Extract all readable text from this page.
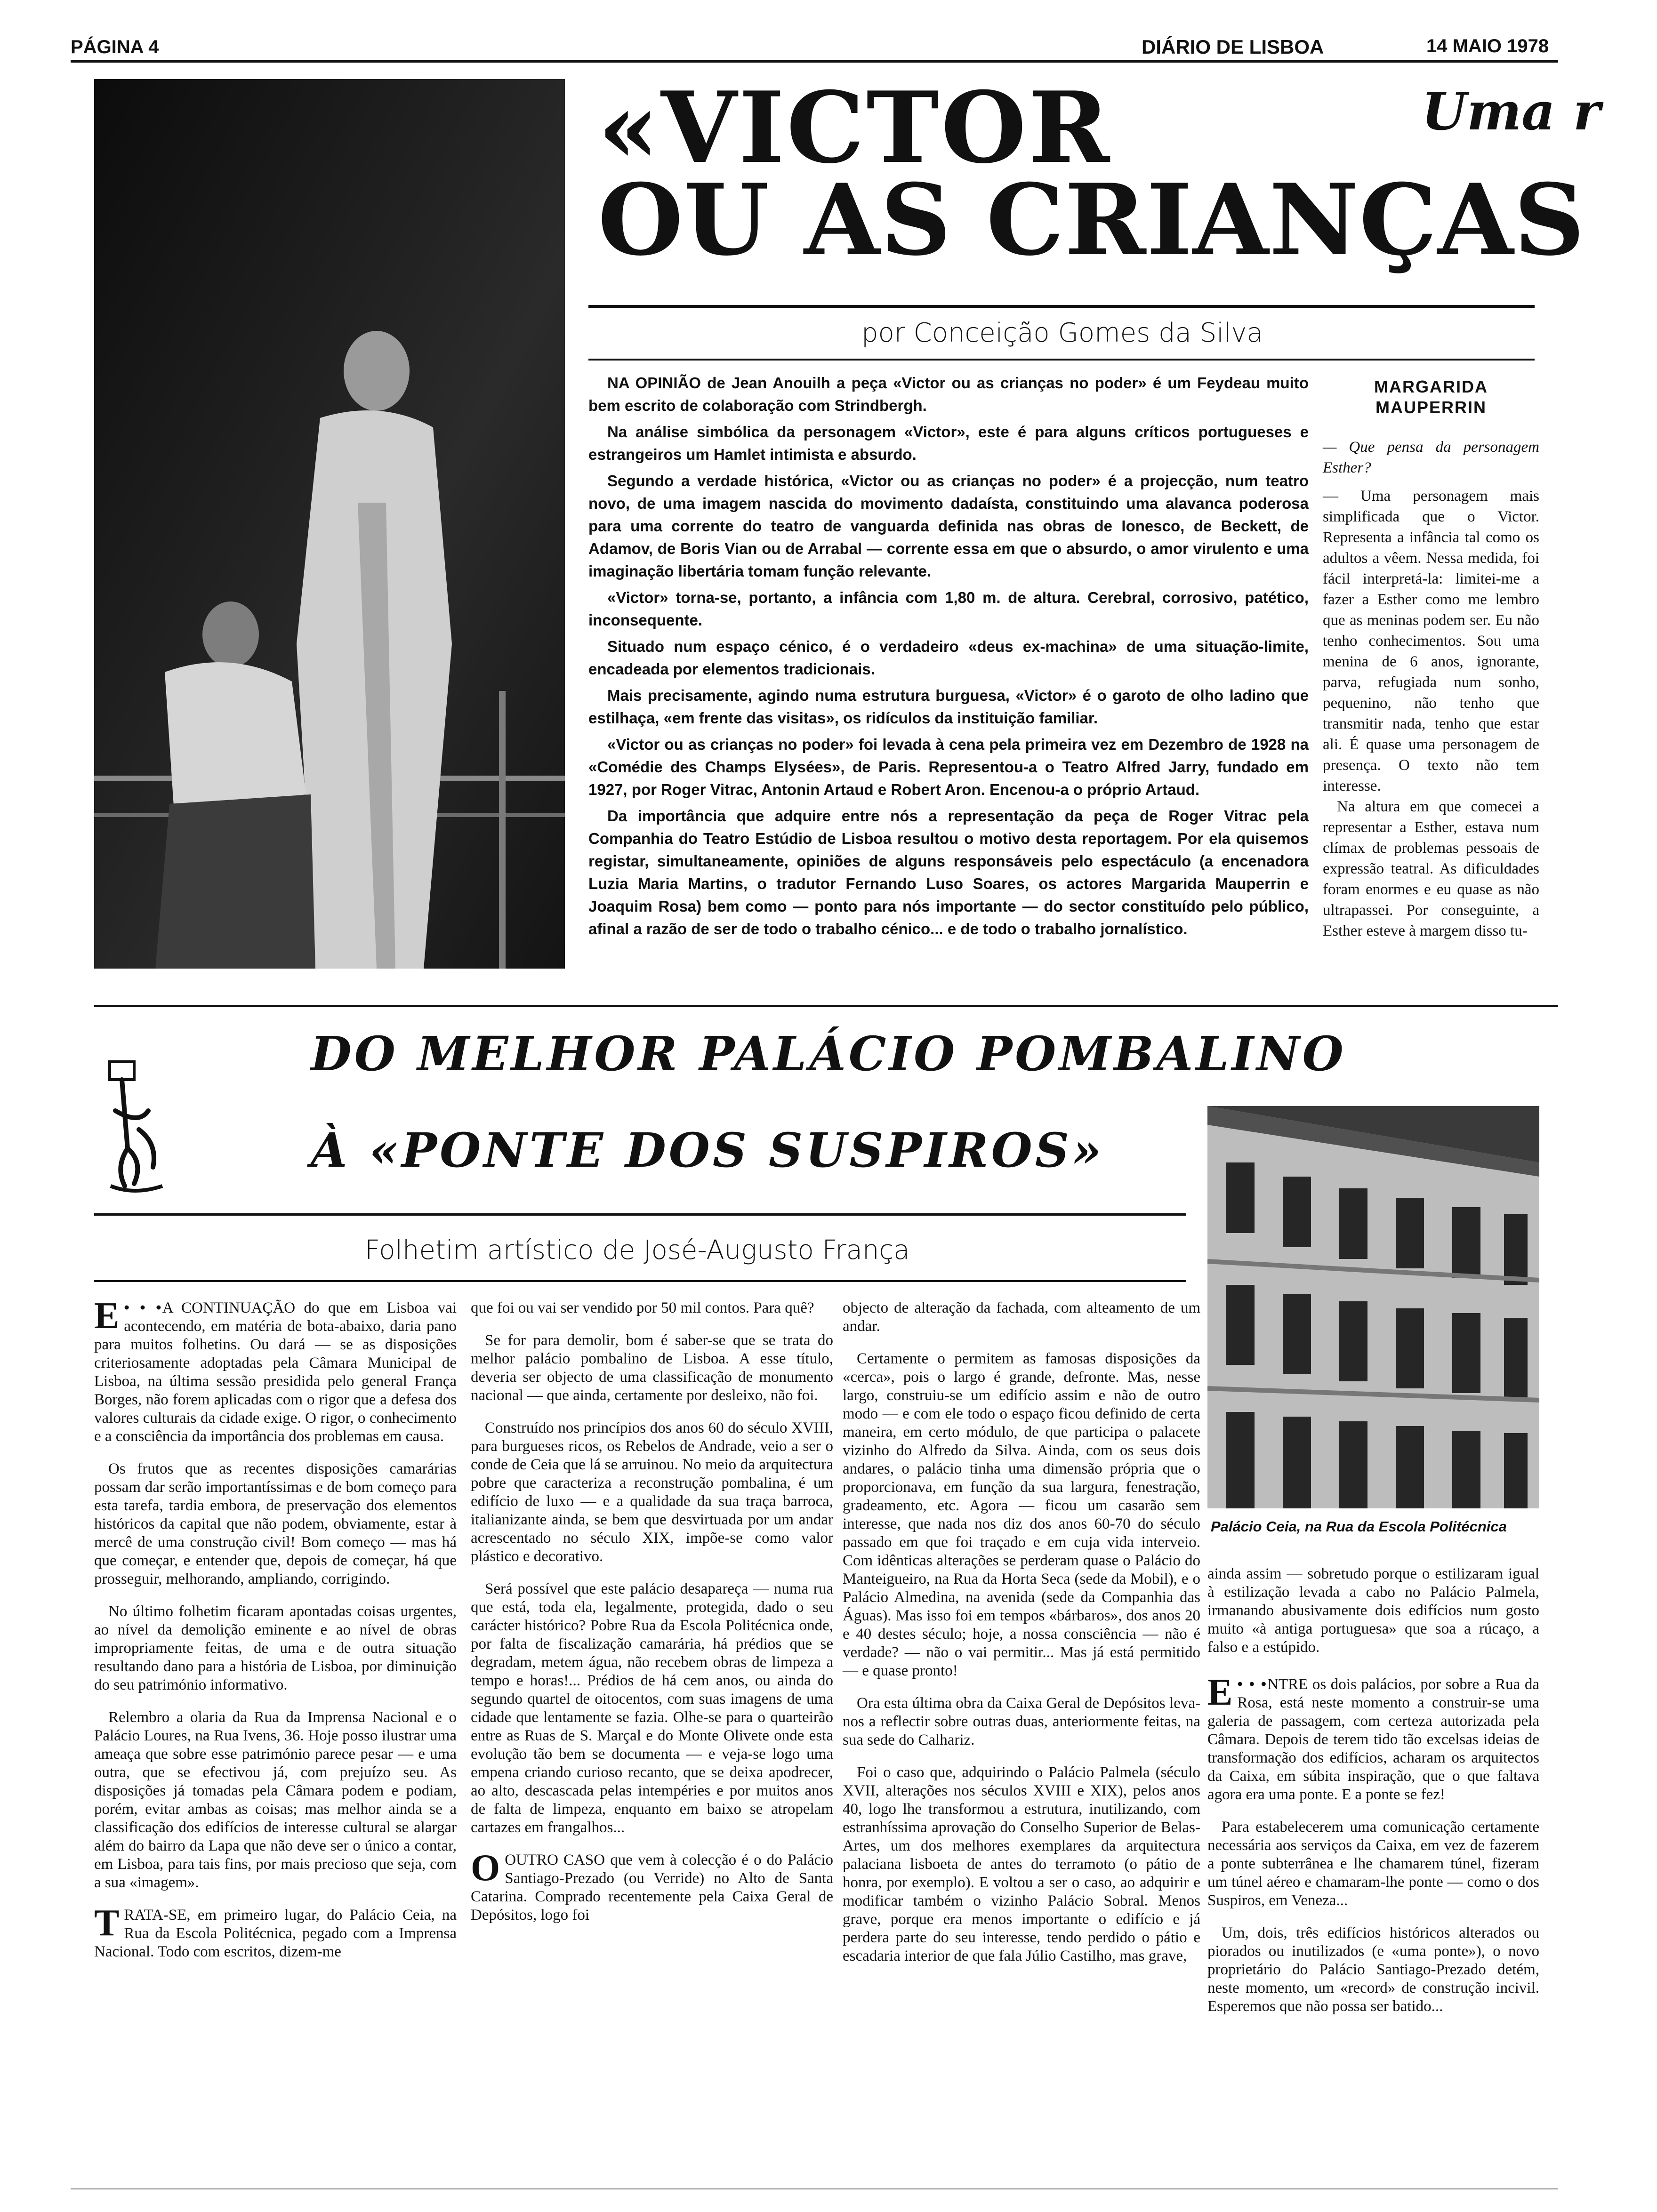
PÁGINA 4	DIÁRIO DE LISBOA	14 MAIO 1978
«VICTOR
OU AS CRIANÇAS
Uma r
por Conceição Gomes da Silva

NA OPINIÃO de Jean Anouilh a peça «Victor ou as crianças no poder» é um Feydeau muito bem escrito de colaboração com Strindbergh.

Na análise simbólica da personagem «Victor», este é para alguns críticos portugueses e estrangeiros um Hamlet intimista e absurdo.

Segundo a verdade histórica, «Victor ou as crianças no poder» é a projecção, num teatro novo, de uma imagem nascida do movimento dadaísta, constituindo uma alavanca poderosa para uma corrente do teatro de vanguarda definida nas obras de Ionesco, de Beckett, de Adamov, de Boris Vian ou de Arrabal — corrente essa em que o absurdo, o amor virulento e uma imaginação libertária tomam função relevante.

«Victor» torna-se, portanto, a infância com 1,80 m. de altura. Cerebral, corrosivo, patético, inconsequente.

Situado num espaço cénico, é o verdadeiro «deus ex-machina» de uma situação-limite, encadeada por elementos tradicionais.

Mais precisamente, agindo numa estrutura burguesa, «Victor» é o garoto de olho ladino que estilhaça, «em frente das visitas», os ridículos da instituição familiar.

«Victor ou as crianças no poder» foi levada à cena pela primeira vez em Dezembro de 1928 na «Comédie des Champs Elysées», de Paris. Representou-a o Teatro Alfred Jarry, fundado em 1927, por Roger Vitrac, Antonin Artaud e Robert Aron. Encenou-a o próprio Artaud.

Da importância que adquire entre nós a representação da peça de Roger Vitrac pela Companhia do Teatro Estúdio de Lisboa resultou o motivo desta reportagem. Por ela quisemos registar, simultaneamente, opiniões de alguns responsáveis pelo espectáculo (a encenadora Luzia Maria Martins, o tradutor Fernando Luso Soares, os actores Margarida Mauperrin e Joaquim Rosa) bem como — ponto para nós importante — do sector constituído pelo público, afinal a razão de ser de todo o trabalho cénico... e de todo o trabalho jornalístico.

MARGARIDA MAUPERRIN

— Que pensa da personagem Esther?

— Uma personagem mais simplificada que o Victor. Representa a infância tal como os adultos a vêem. Nessa medida, foi fácil interpretá-la: limitei-me a fazer a Esther como me lembro que as meninas podem ser. Eu não tenho conhecimentos. Sou uma menina de 6 anos, ignorante, parva, refugiada num sonho, pequenino, não tenho que transmitir nada, tenho que estar ali. É quase uma personagem de presença. O texto não tem interesse.

Na altura em que comecei a representar a Esther, estava num clímax de problemas pessoais de expressão teatral. As dificuldades foram enormes e eu quase as não ultrapassei. Por conseguinte, a Esther esteve à margem disso tu-

DO MELHOR PALÁCIO POMBALINO
À «PONTE DOS SUSPIROS»
Folhetim artístico de José-Augusto França
Palácio Ceia, na Rua da Escola Politécnica

• • •
E	A CONTINUAÇÃO do que em Lisboa vai acontecendo, em matéria de bota-abaixo, daria pano para muitos folhetins. Ou dará — se as disposições criteriosamente adoptadas pela Câmara Municipal de Lisboa, na última sessão presidida pelo general França Borges, não forem aplicadas com o rigor que a defesa dos valores culturais da cidade exige. O rigor, o conhecimento e a consciência da importância dos problemas em causa.

Os frutos que as recentes disposições camarárias possam dar serão importantíssimas e de bom começo para esta tarefa, tardia embora, de preservação dos elementos históricos da capital que não podem, obviamente, estar à mercê de uma construção civil! Bom começo — mas há que começar, e entender que, depois de começar, há que prosseguir, melhorando, ampliando, corrigindo.

No último folhetim ficaram apontadas coisas urgentes, ao nível da demolição eminente e ao nível de obras impropriamente feitas, de uma e de outra situação resultando dano para a história de Lisboa, por diminuição do seu património informativo.

Relembro a olaria da Rua da Imprensa Nacional e o Palácio Loures, na Rua Ivens, 36. Hoje posso ilustrar uma ameaça que sobre esse património parece pesar — e uma outra, que se efectivou já, com prejuízo seu. As disposições já tomadas pela Câmara podem e podiam, porém, evitar ambas as coisas; mas melhor ainda se a classificação dos edifícios de interesse cultural se alargar além do bairro da Lapa que não deve ser o único a contar, em Lisboa, para tais fins, por mais precioso que seja, com a sua «imagem».

TRATA-SE, em primeiro lugar, do Palácio Ceia, na Rua da Escola Politécnica, pegado com a Imprensa Nacional. Todo com escritos, dizem-me

que foi ou vai ser vendido por 50 mil contos. Para quê?

Se for para demolir, bom é saber-se que se trata do melhor palácio pombalino de Lisboa. A esse título, deveria ser objecto de uma classificação de monumento nacional — que ainda, certamente por desleixo, não foi.

Construído nos princípios dos anos 60 do século XVIII, para burgueses ricos, os Rebelos de Andrade, veio a ser o conde de Ceia que lá se arruinou. No meio da arquitectura pobre que caracteriza a reconstrução pombalina, é um edifício de luxo — e a qualidade da sua traça barroca, italianizante ainda, se bem que desvirtuada por um andar acrescentado no século XIX, impõe-se como valor plástico e decorativo.

Será possível que este palácio desapareça — numa rua que está, toda ela, legalmente, protegida, dado o seu carácter histórico? Pobre Rua da Escola Politécnica onde, por falta de fiscalização camarária, há prédios que se degradam, metem água, não recebem obras de limpeza a tempo e horas!... Prédios de há cem anos, ou ainda do segundo quartel de oitocentos, com suas imagens de uma cidade que lentamente se fazia. Olhe-se para o quarteirão entre as Ruas de S. Marçal e do Monte Olivete onde esta evolução tão bem se documenta — e veja-se logo uma empena criando curioso recanto, que se deixa apodrecer, ao alto, descascada pelas intempéries e por muitos anos de falta de limpeza, enquanto em baixo se atropelam cartazes em frangalhos...

OOUTRO CASO que vem à colecção é o do Palácio Santiago-Prezado (ou Verride) no Alto de Santa Catarina. Comprado recentemente pela Caixa Geral de Depósitos, logo foi

objecto de alteração da fachada, com alteamento de um andar.

Certamente o permitem as famosas disposições da «cerca», pois o largo é grande, defronte. Mas, nesse largo, construiu-se um edifício assim e não de outro modo — e com ele todo o espaço ficou definido de certa maneira, em certo módulo, de que participa o palacete vizinho do Alfredo da Silva. Ainda, com os seus dois andares, o palácio tinha uma dimensão própria que o proporcionava, em função da sua largura, fenestração, gradeamento, etc. Agora — ficou um casarão sem interesse, que nada nos diz dos anos 60-70 do século passado em que foi traçado e em cuja vida interveio. Com idênticas alterações se perderam quase o Palácio do Manteigueiro, na Rua da Horta Seca (sede da Mobil), e o Palácio Almedina, na avenida (sede da Companhia das Águas). Mas isso foi em tempos «bárbaros», dos anos 20 e 40 destes século; hoje, a nossa consciência — não é verdade? — não o vai permitir... Mas já está permitido — e quase pronto!

Ora esta última obra da Caixa Geral de Depósitos leva-nos a reflectir sobre outras duas, anteriormente feitas, na sua sede do Calhariz.

Foi o caso que, adquirindo o Palácio Palmela (século XVII, alterações nos séculos XVIII e XIX), pelos anos 40, logo lhe transformou a estrutura, inutilizando, com estranhíssima aprovação do Conselho Superior de Belas-Artes, um dos melhores exemplares da arquitectura palaciana lisboeta de antes do terramoto (o pátio de honra, por exemplo). E voltou a ser o caso, ao adquirir e modificar também o vizinho Palácio Sobral. Menos grave, porque era menos importante o edifício e já perdera parte do seu interesse, tendo perdido o pátio e escadaria interior de que fala Júlio Castilho, mas grave,

ainda assim — sobretudo porque o estilizaram igual à estilização levada a cabo no Palácio Palmela, irmanando abusivamente dois edifícios num gosto muito «à antiga portuguesa» que soa a rúcaço, a falso e a estúpido.

• • •
E NTRE os dois palácios, por sobre a Rua da Rosa, está neste momento a construir-se uma galeria de passagem, com certeza autorizada pela Câmara. Depois de terem tido tão excelsas ideias de transformação dos edifícios, acharam os arquitectos da Caixa, em súbita inspiração, que o que faltava agora era uma ponte. E a ponte se fez!

Para estabelecerem uma comunicação certamente necessária aos serviços da Caixa, em vez de fazerem a ponte subterrânea e lhe chamarem túnel, fizeram um túnel aéreo e chamaram-lhe ponte — como o dos Suspiros, em Veneza...

Um, dois, três edifícios históricos alterados ou piorados ou inutilizados (e «uma ponte»), o novo proprietário do Palácio Santiago-Prezado detém, neste momento, um «record» de construção incivil. Esperemos que não possa ser batido...
